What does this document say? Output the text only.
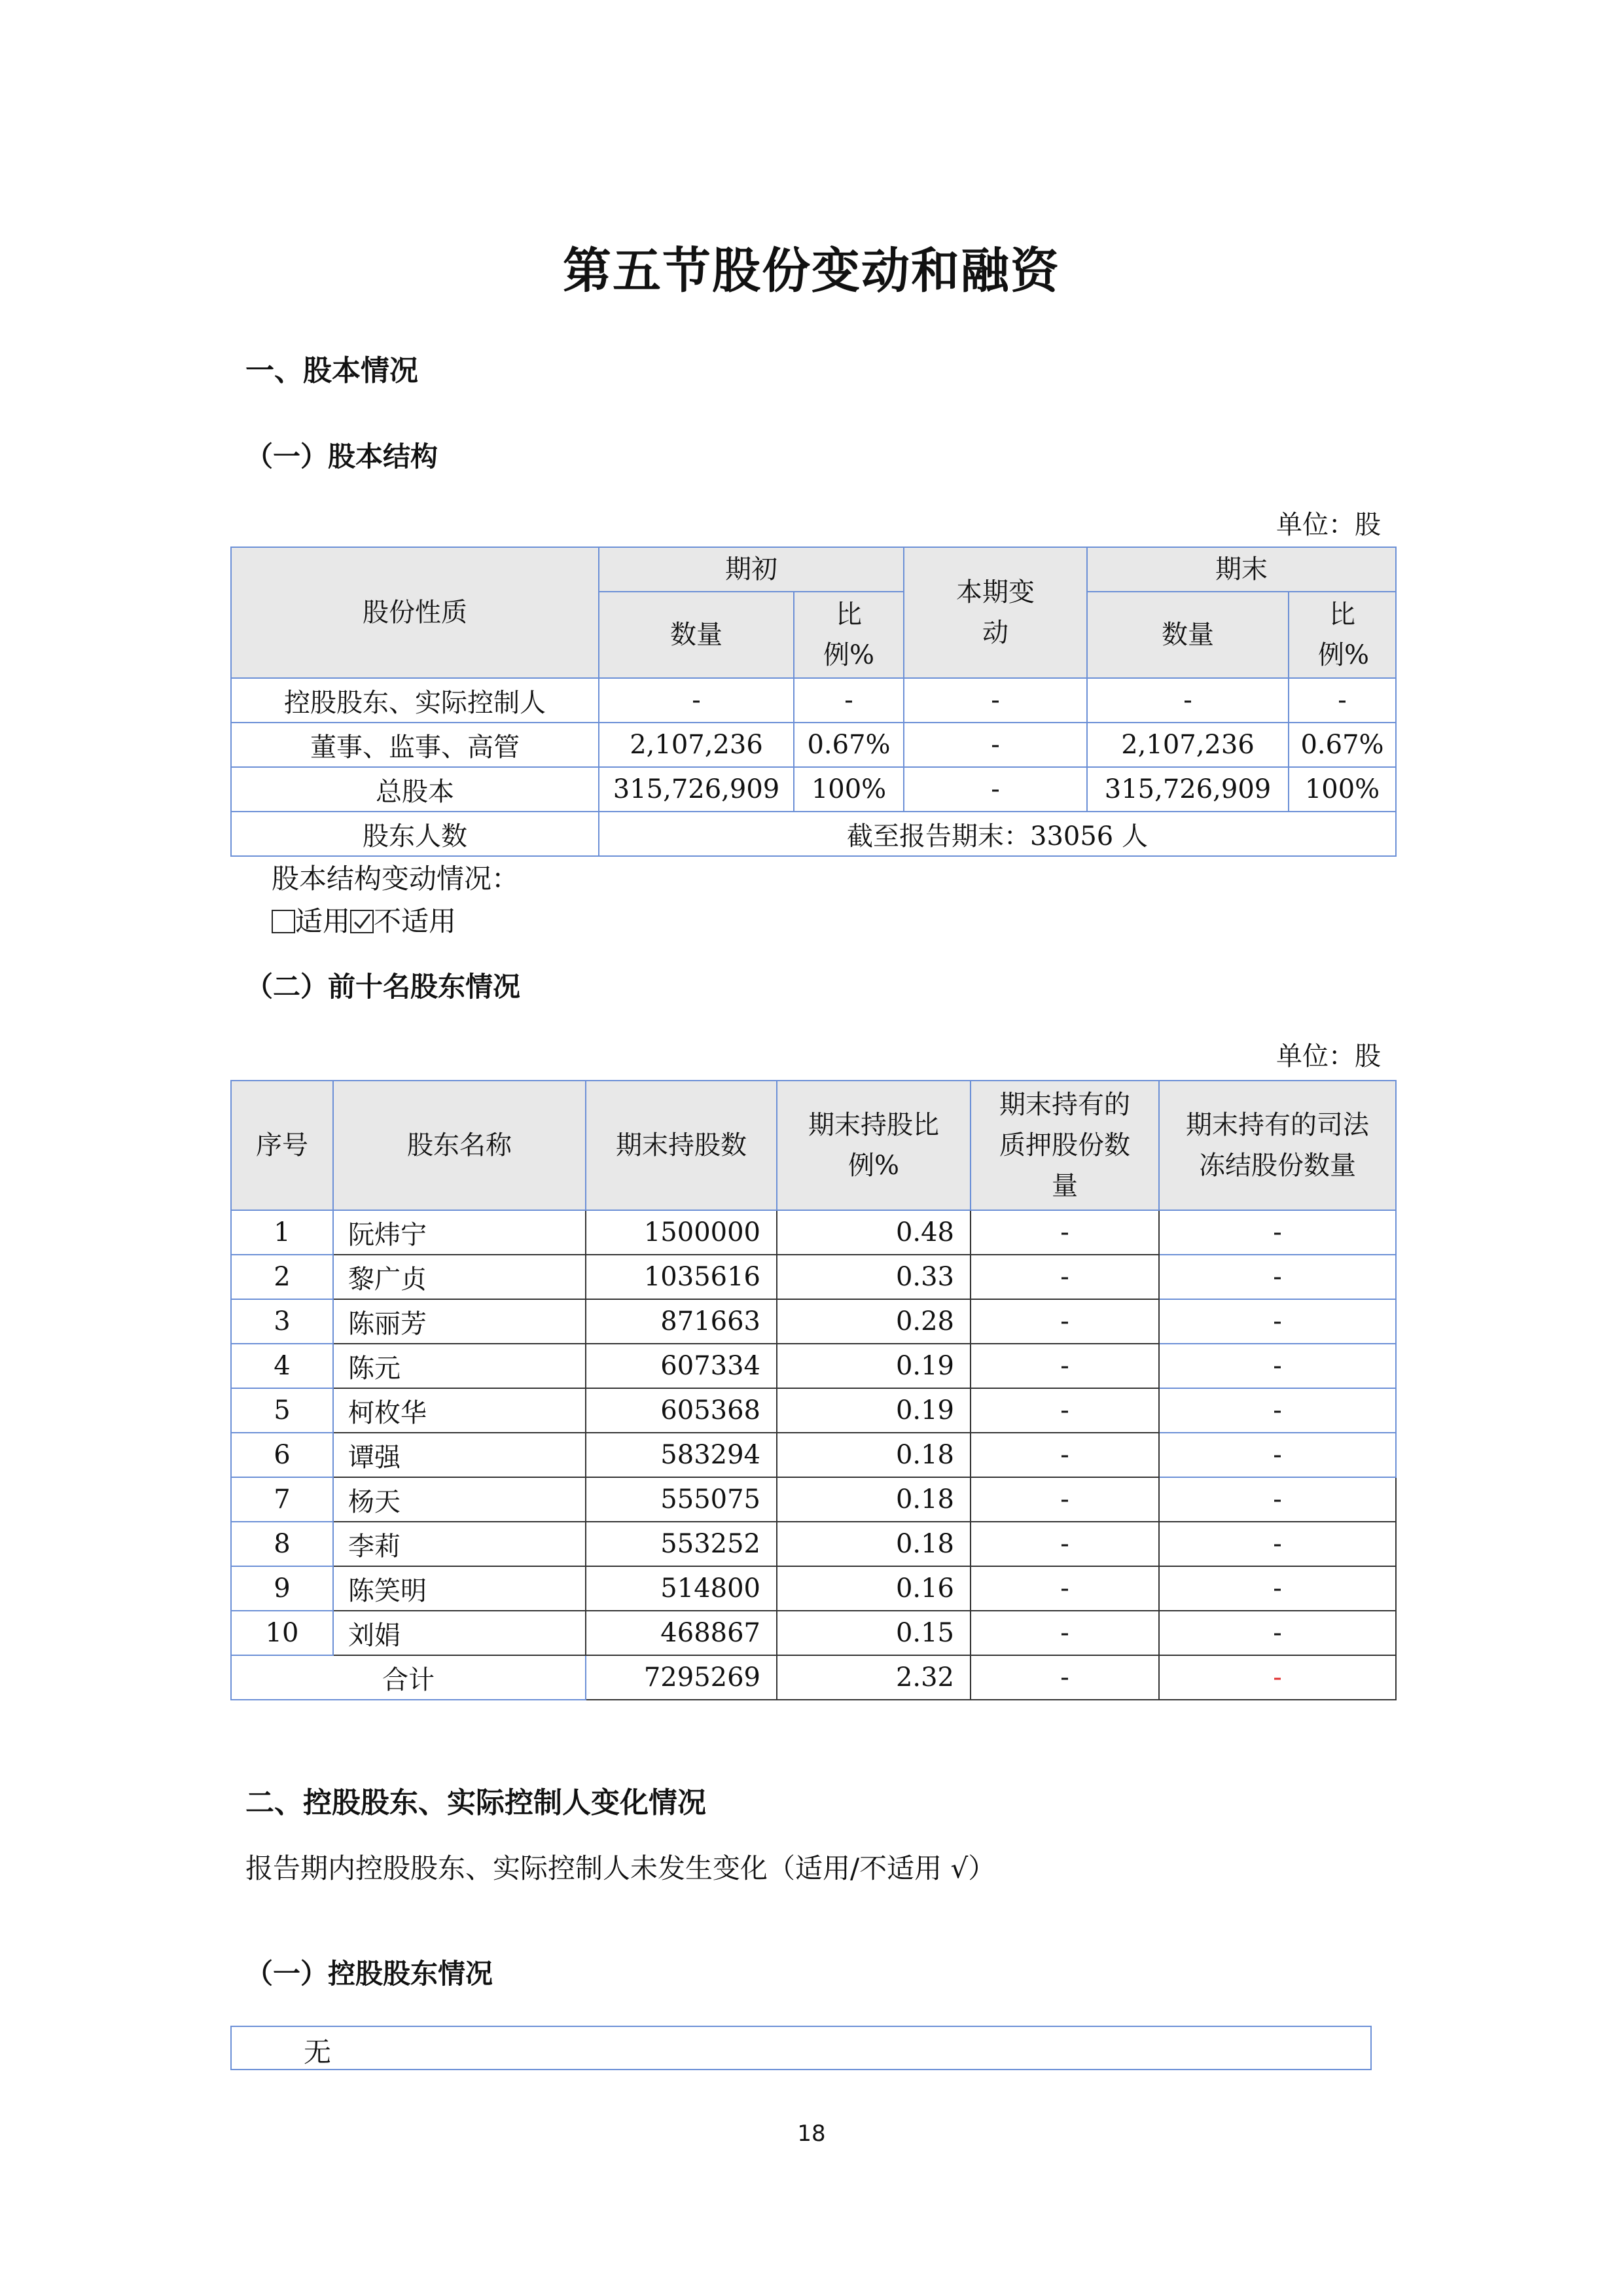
第五节股份变动和融资
一、股本情况
（一）股本结构
单位：股
股份性质	期初		本期变动	期末	
	数量	比例%		数量	比例%
控股股东、实际控制人	-	-	-	-	-
董事、监事、高管	2,107,236	0.67%	-	2,107,236	0.67%
总股本	315,726,909	100%	-	315,726,909	100%
股东人数	截至报告期末：33056 人				
股本结构变动情况：
适用 不适用
（二）前十名股东情况
单位：股
序号	股东名称	期末持股数	期末持股比例%	期末持有的质押股份数量	期末持有的司法冻结股份数量
1	阮炜宁	1500000	0.48	-	-
2	黎广贞	1035616	0.33	-	-
3	陈丽芳	871663	0.28	-	-
4	陈元	607334	0.19	-	-
5	柯枚华	605368	0.19	-	-
6	谭强	583294	0.18	-	-
7	杨天	555075	0.18	-	-
8	李莉	553252	0.18	-	-
9	陈笑明	514800	0.16	-	-
10	刘娟	468867	0.15	-	-
合计		7295269	2.32	-	-
二、控股股东、实际控制人变化情况
报告期内控股股东、实际控制人未发生变化（适用/不适用 √）
（一）控股股东情况
无
18
